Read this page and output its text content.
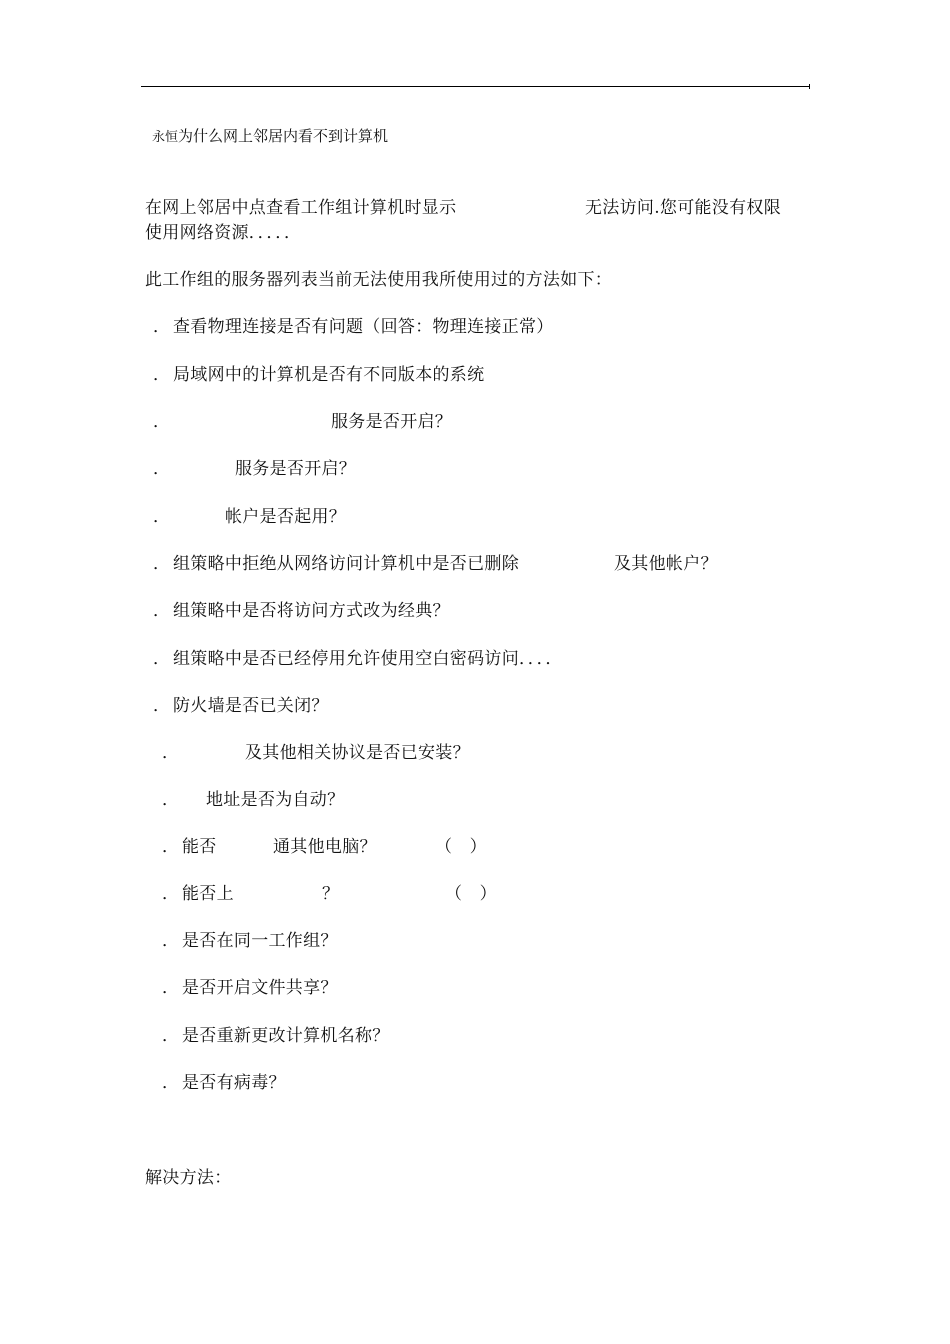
永恒为什么网上邻居内看不到计算机
在网上邻居中点查看工作组计算机时显示	无法访问.您可能没有权限
使用网络资源．．．．．
此工作组的服务器列表当前无法使用我所使用过的方法如下：
． 查看物理连接是否有问题（回答：物理连接正常）
． 局域网中的计算机是否有不同版本的系统
．	服务是否开启？
．	服务是否开启？
．	帐户是否起用？
． 组策略中拒绝从网络访问计算机中是否已删除	及其他帐户？
． 组策略中是否将访问方式改为经典？
． 组策略中是否已经停用允许使用空白密码访问．．．．
． 防火墙是否已关闭？
．	及其他相关协议是否已安装？
． 地址是否为自动？
． 能否	通其他电脑？	（　）
． 能否上	？	（　）
． 是否在同一工作组？
． 是否开启文件共享？
． 是否重新更改计算机名称？
． 是否有病毒？
解决方法：
